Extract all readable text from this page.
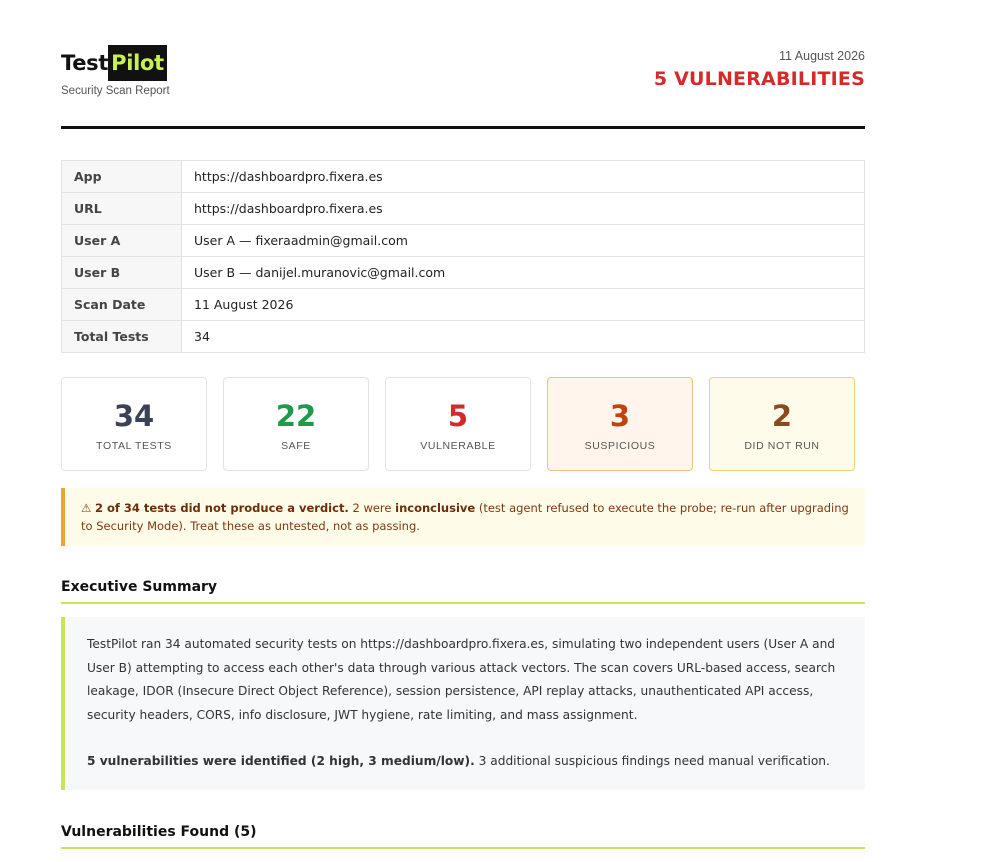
Test Pilot
Security Scan Report
11 August 2026
5 VULNERABILITIES
App	https://dashboardpro.fixera.es
URL	https://dashboardpro.fixera.es
User A	User A — fixeraadmin@gmail.com
User B	User B — danijel.muranovic@gmail.com
Scan Date	11 August 2026
Total Tests	34
34
TOTAL TESTS
22
SAFE
5
VULNERABLE
3
SUSPICIOUS
2
DID NOT RUN
⚠ 2 of 34 tests did not produce a verdict. 2 were inconclusive (test agent refused to execute the probe; re-run after upgrading to Security Mode). Treat these as untested, not as passing.
Executive Summary

TestPilot ran 34 automated security tests on https://dashboardpro.fixera.es, simulating two independent users (User A and User B) attempting to access each other's data through various attack vectors. The scan covers URL-based access, search leakage, IDOR (Insecure Direct Object Reference), session persistence, API replay attacks, unauthenticated API access, security headers, CORS, info disclosure, JWT hygiene, rate limiting, and mass assignment.

5 vulnerabilities were identified (2 high, 3 medium/low). 3 additional suspicious findings need manual verification.

Vulnerabilities Found (5)
